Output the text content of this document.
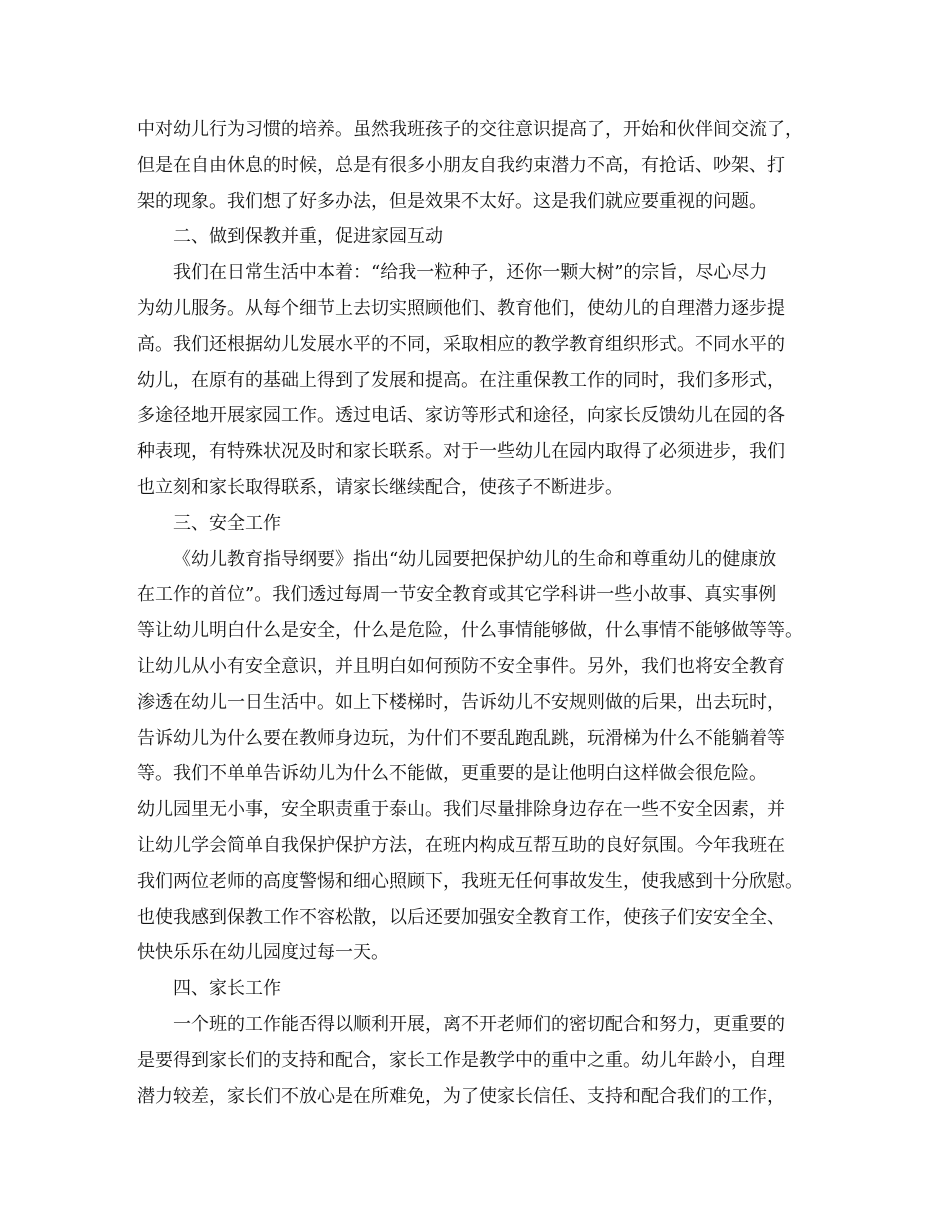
中对幼儿行为习惯的培养。虽然我班孩子的交往意识提高了，开始和伙伴间交流了，
但是在自由休息的时候，总是有很多小朋友自我约束潜力不高，有抢话、吵架、打
架的现象。我们想了好多办法，但是效果不太好。这是我们就应要重视的问题。
二、做到保教并重，促进家园互动
我们在日常生活中本着：“给我一粒种子，还你一颗大树”的宗旨，尽心尽力
为幼儿服务。从每个细节上去切实照顾他们、教育他们，使幼儿的自理潜力逐步提
高。我们还根据幼儿发展水平的不同，采取相应的教学教育组织形式。不同水平的
幼儿，在原有的基础上得到了发展和提高。在注重保教工作的同时，我们多形式，
多途径地开展家园工作。透过电话、家访等形式和途径，向家长反馈幼儿在园的各
种表现，有特殊状况及时和家长联系。对于一些幼儿在园内取得了必须进步，我们
也立刻和家长取得联系，请家长继续配合，使孩子不断进步。
三、安全工作
《幼儿教育指导纲要》指出“幼儿园要把保护幼儿的生命和尊重幼儿的健康放
在工作的首位”。我们透过每周一节安全教育或其它学科讲一些小故事、真实事例
等让幼儿明白什么是安全，什么是危险，什么事情能够做，什么事情不能够做等等。
让幼儿从小有安全意识，并且明白如何预防不安全事件。另外，我们也将安全教育
渗透在幼儿一日生活中。如上下楼梯时，告诉幼儿不安规则做的后果，出去玩时，
告诉幼儿为什么要在教师身边玩，为什们不要乱跑乱跳，玩滑梯为什么不能躺着等
等。我们不单单告诉幼儿为什么不能做，更重要的是让他明白这样做会很危险。
幼儿园里无小事，安全职责重于泰山。我们尽量排除身边存在一些不安全因素，并
让幼儿学会简单自我保护保护方法，在班内构成互帮互助的良好氛围。今年我班在
我们两位老师的高度警惕和细心照顾下，我班无任何事故发生，使我感到十分欣慰。
也使我感到保教工作不容松散，以后还要加强安全教育工作，使孩子们安安全全、
快快乐乐在幼儿园度过每一天。
四、家长工作
一个班的工作能否得以顺利开展，离不开老师们的密切配合和努力，更重要的
是要得到家长们的支持和配合，家长工作是教学中的重中之重。幼儿年龄小，自理
潜力较差，家长们不放心是在所难免，为了使家长信任、支持和配合我们的工作，
